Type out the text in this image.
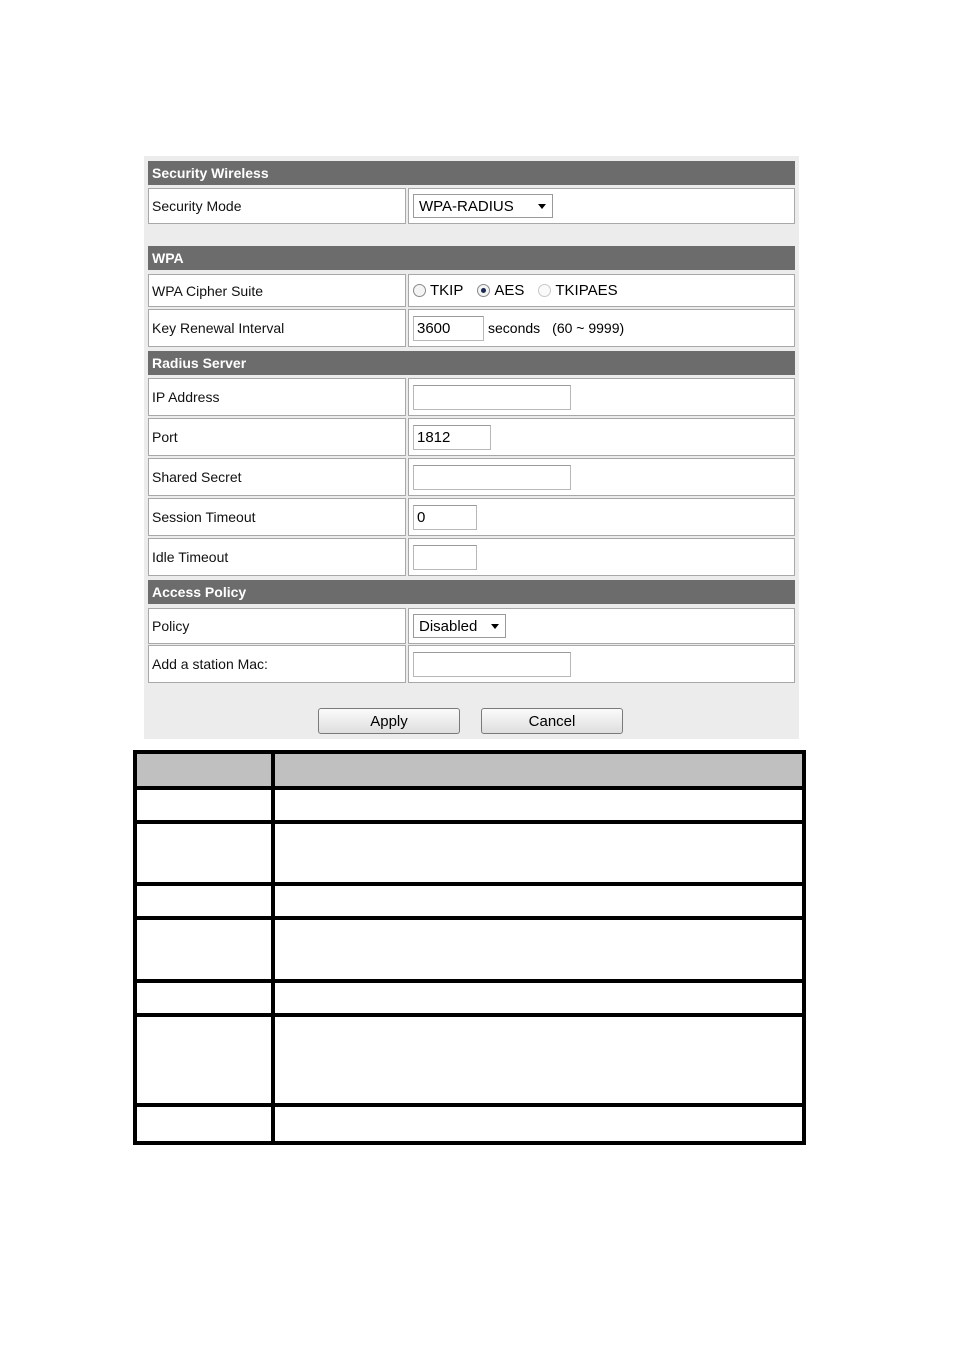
Security Wireless
Security Mode	WPA-RADIUS
WPA
WPA Cipher Suite	TKIP AES TKIPAES
Key Renewal Interval	3600	seconds (60 ~ 9999)
Radius Server
IP Address
Port	1812
Shared Secret
Session Timeout	0
Idle Timeout
Access Policy
Policy	Disabled
Add a station Mac:
Apply	Cancel
